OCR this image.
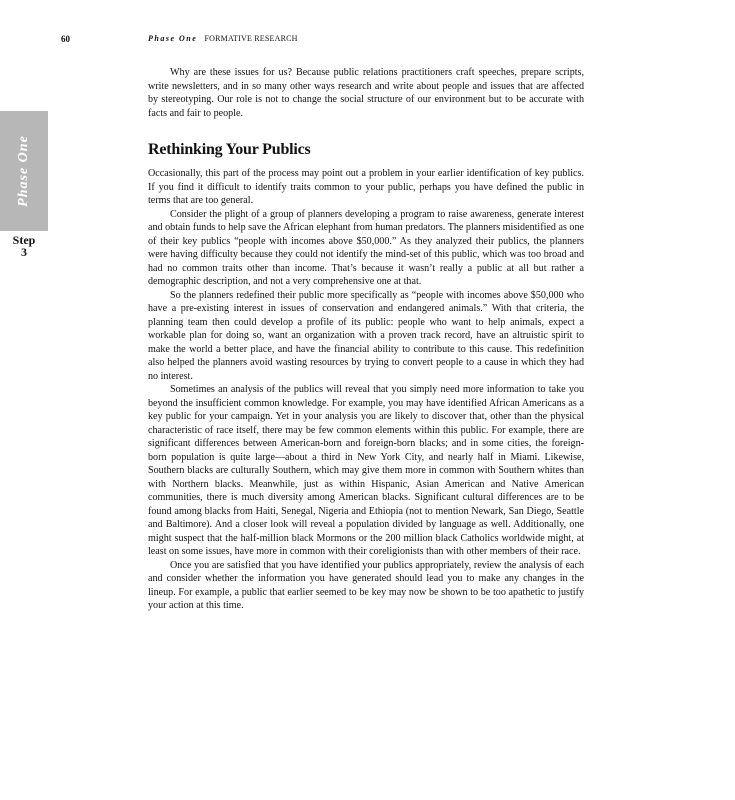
60	Phase One FORMATIVE RESEARCH
Phase One
Step
3

Why are these issues for us? Because public relations practitioners craft speeches, prepare scripts, write newsletters, and in so many other ways research and write about people and issues that are affected by stereotyping. Our role is not to change the social structure of our environment but to be accurate with facts and fair to people.

Rethinking Your Publics

Occasionally, this part of the process may point out a problem in your earlier identification of key publics. If you find it difficult to identify traits common to your public, perhaps you have defined the public in terms that are too general.

Consider the plight of a group of planners developing a program to raise awareness, generate interest and obtain funds to help save the African elephant from human predators. The planners misidentified as one of their key publics “people with incomes above $50,000.” As they analyzed their publics, the planners were having difficulty because they could not identify the mind-set of this public, which was too broad and had no common traits other than income. That’s because it wasn’t really a public at all but rather a demographic description, and not a very comprehensive one at that.

So the planners redefined their public more specifically as “people with incomes above $50,000 who have a pre-existing interest in issues of conservation and endangered animals.” With that criteria, the planning team then could develop a profile of its public: people who want to help animals, expect a workable plan for doing so, want an organization with a proven track record, have an altruistic spirit to make the world a better place, and have the financial ability to contribute to this cause. This redefinition also helped the planners avoid wasting resources by trying to convert people to a cause in which they had no interest.

Sometimes an analysis of the publics will reveal that you simply need more information to take you beyond the insufficient common knowledge. For example, you may have identified African Americans as a key public for your campaign. Yet in your analysis you are likely to discover that, other than the physical characteristic of race itself, there may be few common elements within this public. For example, there are significant differences between American-born and foreign-born blacks; and in some cities, the foreign-born population is quite large—about a third in New York City, and nearly half in Miami. Likewise, Southern blacks are culturally Southern, which may give them more in common with Southern whites than with Northern blacks. Meanwhile, just as within Hispanic, Asian American and Native American communities, there is much diversity among American blacks. Significant cultural differences are to be found among blacks from Haiti, Senegal, Nigeria and Ethiopia (not to mention Newark, San Diego, Seattle and Baltimore). And a closer look will reveal a population divided by language as well. Additionally, one might suspect that the half-million black Mormons or the 200 million black Catholics worldwide might, at least on some issues, have more in common with their coreligionists than with other members of their race.

Once you are satisfied that you have identified your publics appropriately, review the analysis of each and consider whether the information you have generated should lead you to make any changes in the lineup. For example, a public that earlier seemed to be key may now be shown to be too apathetic to justify your action at this time.
